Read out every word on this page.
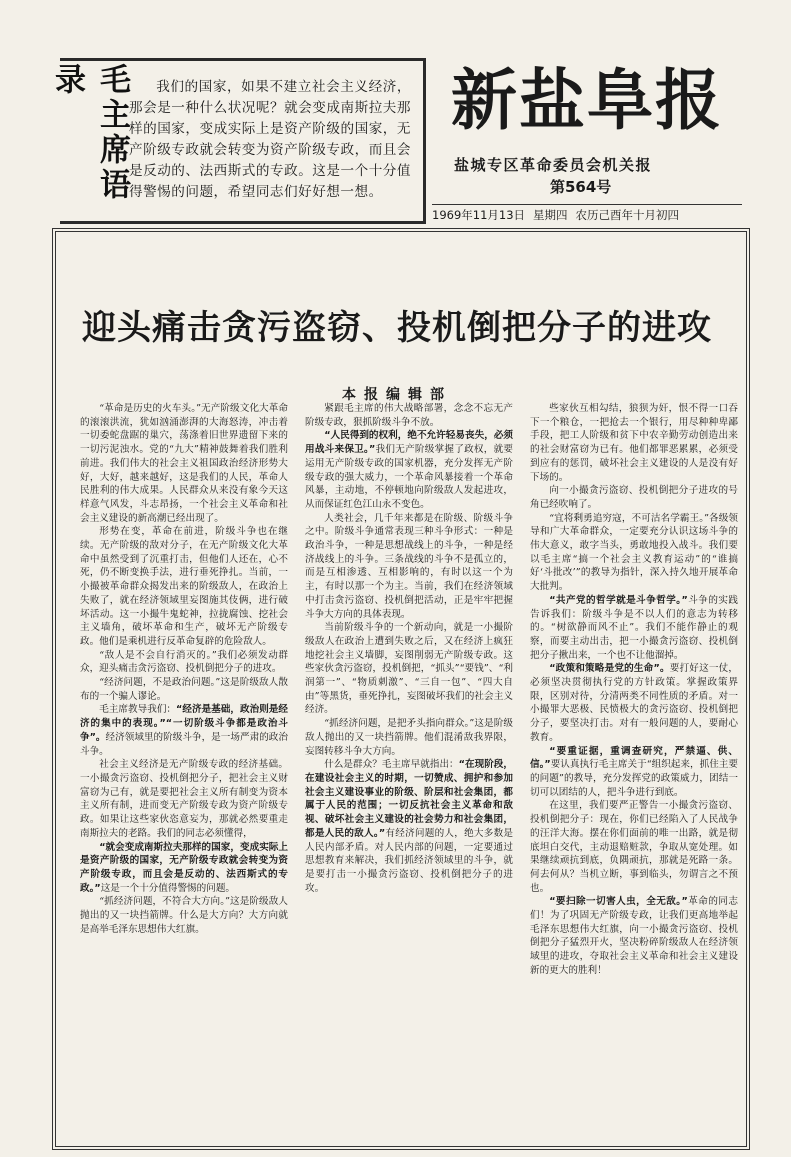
毛主席语录	我们的国家，如果不建立社会主义经济，那会是一种什么状况呢？就会变成南斯拉夫那样的国家，变成实际上是资产阶级的国家，无产阶级专政就会转变为资产阶级专政，而且会是反动的、法西斯式的专政。这是一个十分值得警惕的问题，希望同志们好好想一想。
新盐阜报
盐城专区革命委员会机关报
第564号
1969年11月13日 星期四 农历己酉年十月初四
迎头痛击贪污盗窃、投机倒把分子的进攻
本报编辑部

“革命是历史的火车头。”无产阶级文化大革命的滚滚洪流，犹如汹涌澎湃的大海怒涛，冲击着一切委蛇盘踞的巢穴，荡涤着旧世界遗留下来的一切污泥浊水。党的“九大”精神鼓舞着我们胜利前进。我们伟大的社会主义祖国政治经济形势大好，大好，越来越好，这是我们的人民，革命人民胜利的伟大成果。人民群众从来没有象今天这样意气风发，斗志昂扬，一个社会主义革命和社会主义建设的新高潮已经出现了。

形势在变，革命在前进，阶级斗争也在继续。无产阶级的敌对分子，在无产阶级文化大革命中虽然受到了沉重打击，但他们人还在，心不死，仍不断变换手法，进行垂死挣扎。当前，一小撮被革命群众揭发出来的阶级敌人，在政治上失败了，就在经济领域里妄图施其伎俩，进行破坏活动。这一小撮牛鬼蛇神，拉拢腐蚀、挖社会主义墙角，破坏革命和生产，破坏无产阶级专政。他们是乘机进行反革命复辟的危险敌人。

“敌人是不会自行消灭的。”我们必须发动群众，迎头痛击贪污盗窃、投机倒把分子的进攻。

“经济问题，不是政治问题。”这是阶级敌人散布的一个骗人谬论。

毛主席教导我们：“经济是基础，政治则是经济的集中的表现。”“一切阶级斗争都是政治斗争”。经济领域里的阶级斗争，是一场严肃的政治斗争。

社会主义经济是无产阶级专政的经济基础。一小撮贪污盗窃、投机倒把分子，把社会主义财富窃为己有，就是要把社会主义所有制变为资本主义所有制，进而变无产阶级专政为资产阶级专政。如果让这些家伙恣意妄为，那就必然要重走南斯拉夫的老路。我们的同志必须懂得，

“就会变成南斯拉夫那样的国家，变成实际上是资产阶级的国家，无产阶级专政就会转变为资产阶级专政，而且会是反动的、法西斯式的专政。”这是一个十分值得警惕的问题。

“抓经济问题，不符合大方向。”这是阶级敌人抛出的又一块挡箭牌。什么是大方向？大方向就是高举毛泽东思想伟大红旗。

紧跟毛主席的伟大战略部署，念念不忘无产阶级专政，狠抓阶级斗争不放。

“人民得到的权利，绝不允许轻易丧失，必须用战斗来保卫。”我们无产阶级掌握了政权，就要运用无产阶级专政的国家机器，充分发挥无产阶级专政的强大威力，一个革命风暴接着一个革命风暴，主动地，不停顿地向阶级敌人发起进攻，从而保证红色江山永不变色。

人类社会，几千年来都是在阶级、阶级斗争之中。阶级斗争通常表现三种斗争形式：一种是政治斗争，一种是思想战线上的斗争，一种是经济战线上的斗争。三条战线的斗争不是孤立的，而是互相渗透、互相影响的，有时以这一个为主，有时以那一个为主。当前，我们在经济领域中打击贪污盗窃、投机倒把活动，正是牢牢把握斗争大方向的具体表现。

当前阶级斗争的一个新动向，就是一小撮阶级敌人在政治上遭到失败之后，又在经济上疯狂地挖社会主义墙脚，妄图削弱无产阶级专政。这些家伙贪污盗窃，投机倒把，“抓头”“要钱”、“利润第一”、“物质刺激”、“三自一包”、“四大自由”等黑货，垂死挣扎，妄图破坏我们的社会主义经济。

“抓经济问题，是把矛头指向群众。”这是阶级敌人抛出的又一块挡箭牌。他们混淆敌我界限，妄图转移斗争大方向。

什么是群众？毛主席早就指出：“在现阶段，在建设社会主义的时期，一切赞成、拥护和参加社会主义建设事业的阶级、阶层和社会集团，都属于人民的范围；一切反抗社会主义革命和敌视、破坏社会主义建设的社会势力和社会集团，都是人民的敌人。”有经济问题的人，绝大多数是人民内部矛盾。对人民内部的问题，一定要通过思想教育来解决，我们抓经济领域里的斗争，就是要打击一小撮贪污盗窃、投机倒把分子的进攻。

些家伙互相勾结，狼狈为奸，恨不得一口吞下一个粮仓，一把抢去一个银行，用尽种种卑鄙手段，把工人阶级和贫下中农辛勤劳动创造出来的社会财富窃为已有。他们都罪恶累累，必须受到应有的惩罚，破坏社会主义建设的人是没有好下场的。

向一小撮贪污盗窃、投机倒把分子进攻的号角已经吹响了。

“宜将剩勇追穷寇，不可沽名学霸王。”各级领导和广大革命群众，一定要充分认识这场斗争的伟大意义，敢字当头，勇敢地投入战斗。我们要以毛主席“搞一个社会主义教育运动”的“谁搞好‘斗批改’”的教导为指针，深入持久地开展革命大批判。

“共产党的哲学就是斗争哲学。”斗争的实践告诉我们：阶级斗争是不以人们的意志为转移的。“树欲静而风不止”。我们不能作静止的观察，而要主动出击，把一小撮贪污盗窃、投机倒把分子揪出来，一个也不让他溜掉。

“政策和策略是党的生命”。要打好这一仗，必须坚决贯彻执行党的方针政策。掌握政策界限，区别对待，分清两类不同性质的矛盾。对一小撮罪大恶极、民愤极大的贪污盗窃、投机倒把分子，要坚决打击。对有一般问题的人，要耐心教育。

“要重证据，重调查研究，严禁逼、供、信。”要认真执行毛主席关于“组织起来，抓住主要的问题”的教导，充分发挥党的政策威力，团结一切可以团结的人，把斗争进行到底。

在这里，我们要严正警告一小撮贪污盗窃、投机倒把分子：现在，你们已经陷入了人民战争的汪洋大海。摆在你们面前的唯一出路，就是彻底坦白交代，主动退赔赃款，争取从宽处理。如果继续顽抗到底，负隅顽抗，那就是死路一条。何去何从？当机立断，事到临头，勿谓言之不预也。

“要扫除一切害人虫，全无敌。”革命的同志们！为了巩固无产阶级专政，让我们更高地举起毛泽东思想伟大红旗，向一小撮贪污盗窃、投机倒把分子猛烈开火，坚决粉碎阶级敌人在经济领域里的进攻，夺取社会主义革命和社会主义建设新的更大的胜利！
